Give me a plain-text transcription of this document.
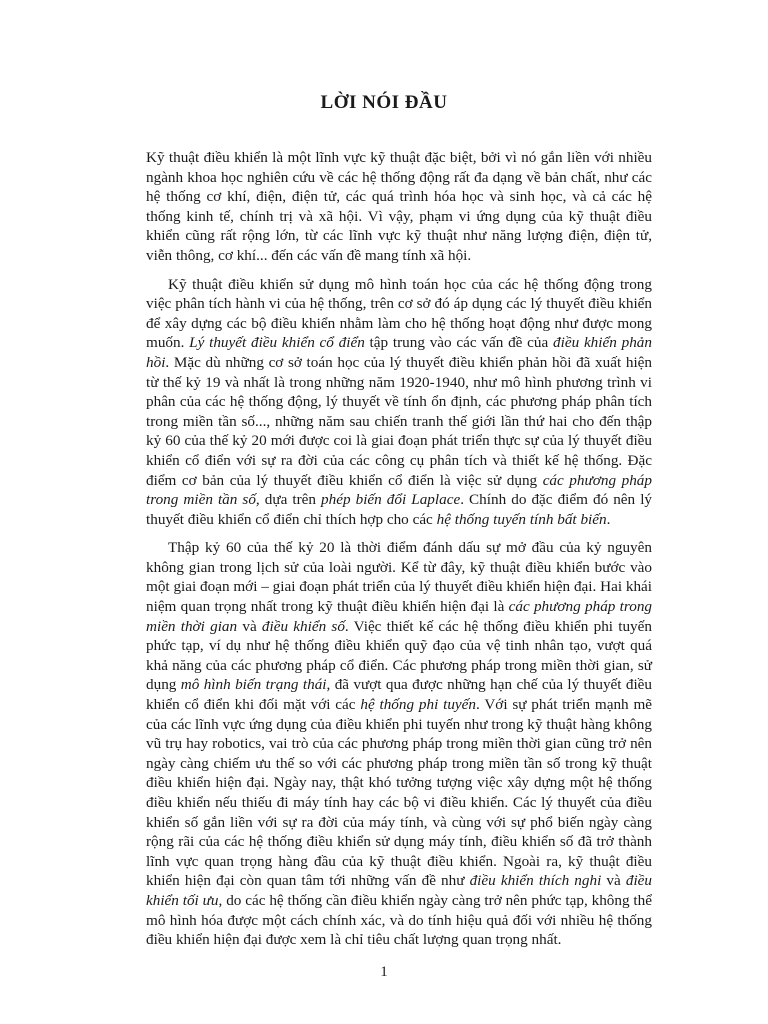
LỜI NÓI ĐẦU

Kỹ thuật điều khiển là một lĩnh vực kỹ thuật đặc biệt, bởi vì nó gắn liền với nhiều ngành khoa học nghiên cứu về các hệ thống động rất đa dạng về bản chất, như các hệ thống cơ khí, điện, điện tử, các quá trình hóa học và sinh học, và cả các hệ thống kinh tế, chính trị và xã hội. Vì vậy, phạm vi ứng dụng của kỹ thuật điều khiển cũng rất rộng lớn, từ các lĩnh vực kỹ thuật như năng lượng điện, điện tử, viễn thông, cơ khí... đến các vấn đề mang tính xã hội.

Kỹ thuật điều khiển sử dụng mô hình toán học của các hệ thống động trong việc phân tích hành vi của hệ thống, trên cơ sở đó áp dụng các lý thuyết điều khiển để xây dựng các bộ điều khiển nhằm làm cho hệ thống hoạt động như được mong muốn. Lý thuyết điều khiển cổ điển tập trung vào các vấn đề của điều khiển phản hồi. Mặc dù những cơ sở toán học của lý thuyết điều khiển phản hồi đã xuất hiện từ thế kỷ 19 và nhất là trong những năm 1920-1940, như mô hình phương trình vi phân của các hệ thống động, lý thuyết về tính ổn định, các phương pháp phân tích trong miền tần số..., những năm sau chiến tranh thế giới lần thứ hai cho đến thập kỷ 60 của thế kỷ 20 mới được coi là giai đoạn phát triển thực sự của lý thuyết điều khiển cổ điển với sự ra đời của các công cụ phân tích và thiết kế hệ thống. Đặc điểm cơ bản của lý thuyết điều khiển cổ điển là việc sử dụng các phương pháp trong miền tần số, dựa trên phép biến đổi Laplace. Chính do đặc điểm đó nên lý thuyết điều khiển cổ điển chỉ thích hợp cho các hệ thống tuyến tính bất biến.

Thập kỷ 60 của thế kỷ 20 là thời điểm đánh dấu sự mở đầu của kỷ nguyên không gian trong lịch sử của loài người. Kể từ đây, kỹ thuật điều khiển bước vào một giai đoạn mới – giai đoạn phát triển của lý thuyết điều khiển hiện đại. Hai khái niệm quan trọng nhất trong kỹ thuật điều khiển hiện đại là các phương pháp trong miền thời gian và điều khiển số. Việc thiết kế các hệ thống điều khiển phi tuyến phức tạp, ví dụ như hệ thống điều khiển quỹ đạo của vệ tinh nhân tạo, vượt quá khả năng của các phương pháp cổ điển. Các phương pháp trong miền thời gian, sử dụng mô hình biến trạng thái, đã vượt qua được những hạn chế của lý thuyết điều khiển cổ điển khi đối mặt với các hệ thống phi tuyến. Với sự phát triển mạnh mẽ của các lĩnh vực ứng dụng của điều khiển phi tuyến như trong kỹ thuật hàng không vũ trụ hay robotics, vai trò của các phương pháp trong miền thời gian cũng trở nên ngày càng chiếm ưu thế so với các phương pháp trong miền tần số trong kỹ thuật điều khiển hiện đại. Ngày nay, thật khó tưởng tượng việc xây dựng một hệ thống điều khiển nếu thiếu đi máy tính hay các bộ vi điều khiển. Các lý thuyết của điều khiển số gắn liền với sự ra đời của máy tính, và cùng với sự phổ biến ngày càng rộng rãi của các hệ thống điều khiển sử dụng máy tính, điều khiển số đã trở thành lĩnh vực quan trọng hàng đầu của kỹ thuật điều khiển. Ngoài ra, kỹ thuật điều khiển hiện đại còn quan tâm tới những vấn đề như điều khiển thích nghi và điều khiển tối ưu, do các hệ thống cần điều khiển ngày càng trở nên phức tạp, không thể mô hình hóa được một cách chính xác, và do tính hiệu quả đối với nhiều hệ thống điều khiển hiện đại được xem là chỉ tiêu chất lượng quan trọng nhất.

1
